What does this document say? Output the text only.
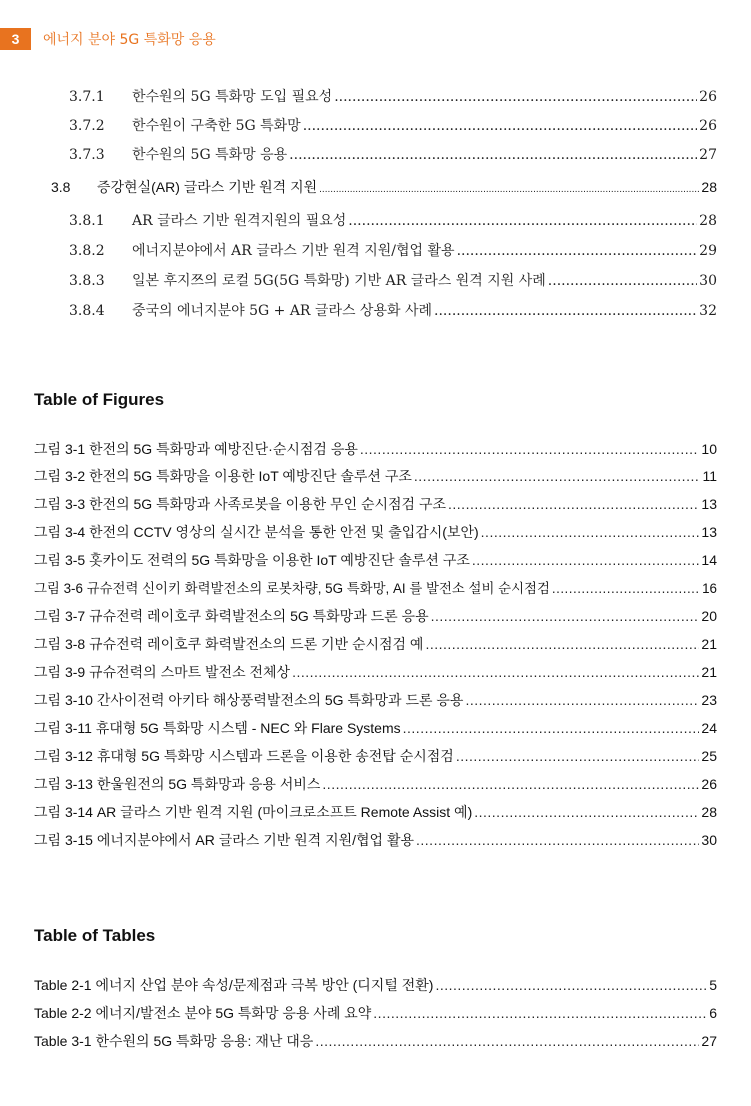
3	에너지 분야 5G 특화망 응용
3.7.1	한수원의 5G 특화망 도입 필요성 .....	26
3.7.2	한수원이 구축한 5G 특화망 .....	26
3.7.3	한수원의 5G 특화망 응용 .....	27
3.8	증강현실(AR) 글라스 기반 원격 지원 .....	28
3.8.1	AR 글라스 기반 원격지원의 필요성 .....	28
3.8.2	에너지분야에서 AR 글라스 기반 원격 지원/협업 활용 .....	29
3.8.3	일본 후지쯔의 로컬 5G(5G 특화망) 기반 AR 글라스 원격 지원 사례 .....	30
3.8.4	중국의 에너지분야 5G + AR 글라스 상용화 사례 .....	32
Table of Figures
그림 3-1 한전의 5G 특화망과 예방진단·순시점검 응용 .....	10
그림 3-2 한전의 5G 특화망을 이용한 IoT 예방진단 솔루션 구조 .....	11
그림 3-3 한전의 5G 특화망과 사족로봇을 이용한 무인 순시점검 구조 .....	13
그림 3-4 한전의 CCTV 영상의 실시간 분석을 통한 안전 및 출입감시(보안) .....	13
그림 3-5 홋카이도 전력의 5G 특화망을 이용한 IoT 예방진단 솔루션 구조 .....	14
그림 3-6 규슈전력 신이키 화력발전소의 로봇차량, 5G 특화망, AI 를 발전소 설비 순시점검 .....	16
그림 3-7 규슈전력 레이호쿠 화력발전소의 5G 특화망과 드론 응용 .....	20
그림 3-8 규슈전력 레이호쿠 화력발전소의 드론 기반 순시점검 예 .....	21
그림 3-9 규슈전력의 스마트 발전소 전체상 .....	21
그림 3-10 간사이전력 아키타 해상풍력발전소의 5G 특화망과 드론 응용 .....	23
그림 3-11 휴대형 5G 특화망 시스템 - NEC 와 Flare Systems .....	24
그림 3-12 휴대형 5G 특화망 시스템과 드론을 이용한 송전탑 순시점검 .....	25
그림 3-13 한울원전의 5G 특화망과 응용 서비스 .....	26
그림 3-14 AR 글라스 기반 원격 지원 (마이크로소프트 Remote Assist 예) .....	28
그림 3-15 에너지분야에서 AR 글라스 기반 원격 지원/협업 활용 .....	30
Table of Tables
Table 2-1 에너지 산업 분야 속성/문제점과 극복 방안 (디지털 전환) .....	5
Table 2-2 에너지/발전소 분야 5G 특화망 응용 사례 요약 .....	6
Table 3-1 한수원의 5G 특화망 응용: 재난 대응 .....	27
